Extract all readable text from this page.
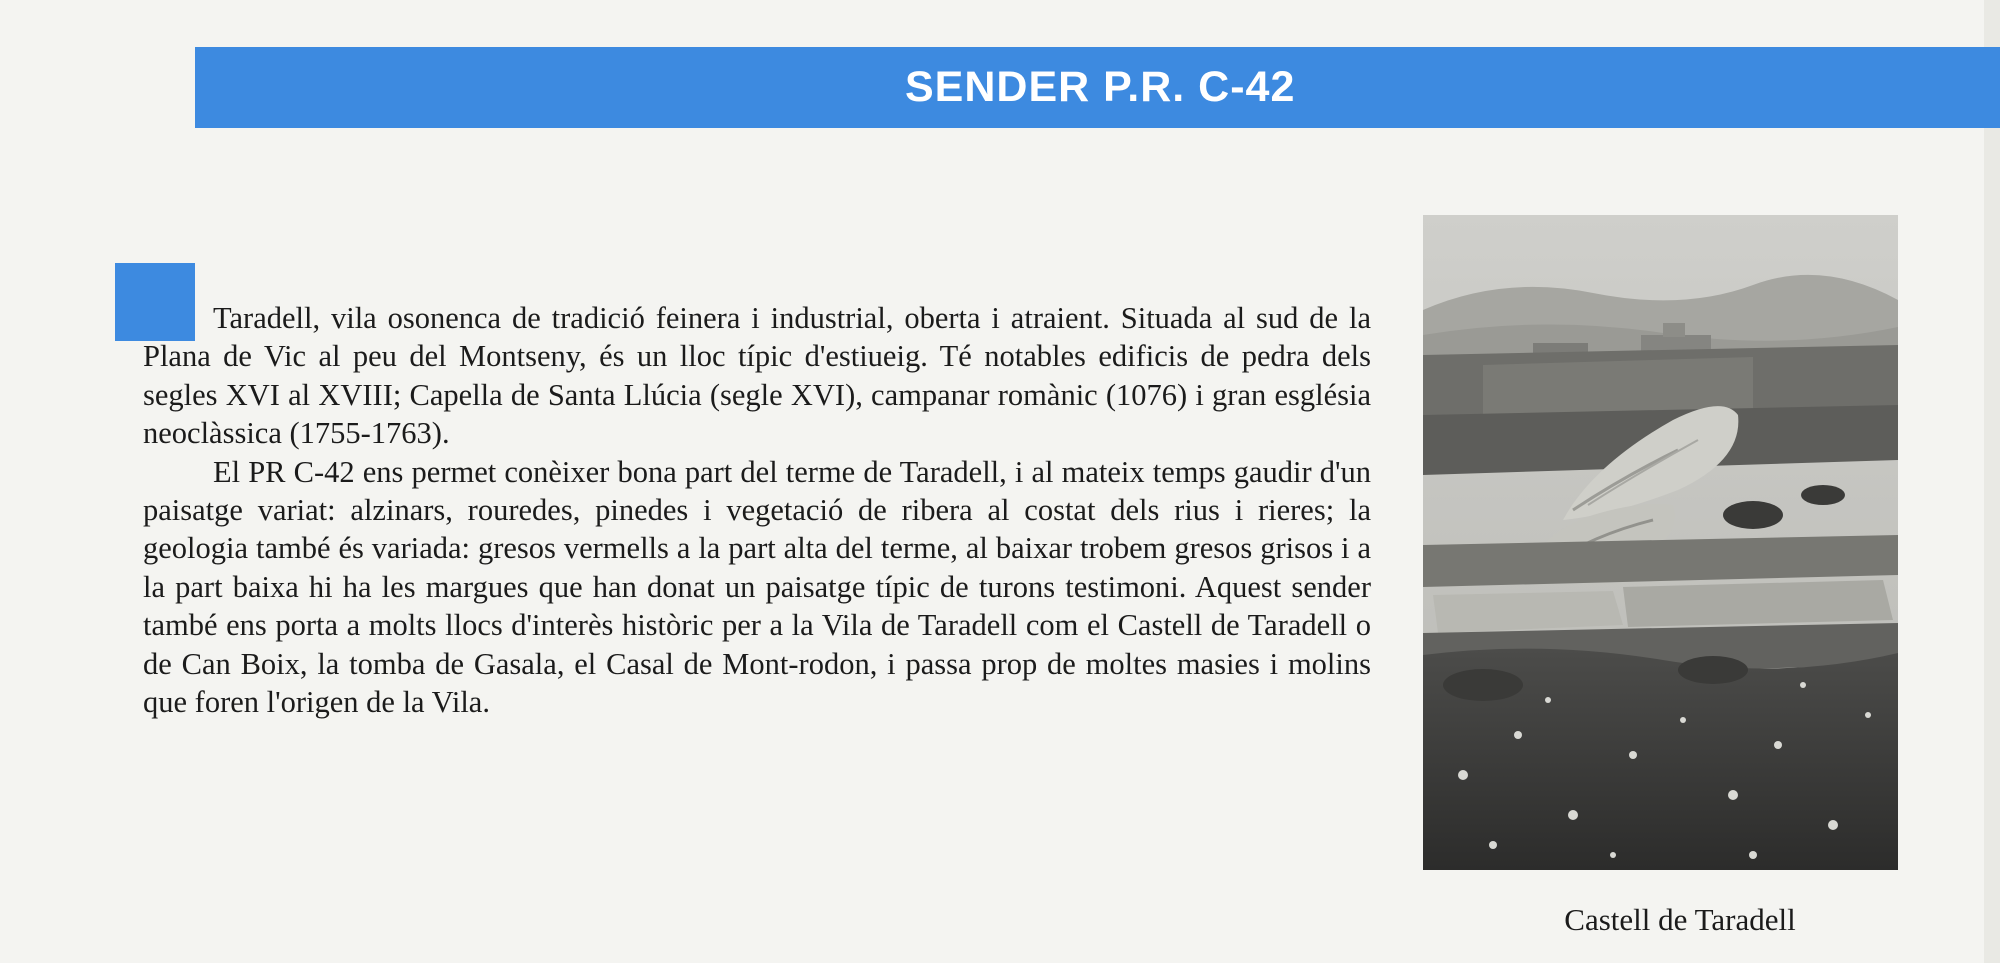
SENDER P.R. C-42

Taradell, vila osonenca de tradició feinera i industrial, oberta i atraient. Situada al sud de la Plana de Vic al peu del Montseny, és un lloc típic d'estiueig. Té notables edificis de pedra dels segles XVI al XVIII; Capella de Santa Llúcia (segle XVI), campanar romànic (1076) i gran església neoclàssica (1755-1763).

El PR C-42 ens permet conèixer bona part del terme de Taradell, i al mateix temps gaudir d'un paisatge variat: alzinars, rouredes, pinedes i vegetació de ribera al costat dels rius i rieres; la geologia també és variada: gresos vermells a la part alta del terme, al baixar trobem gresos grisos i a la part baixa hi ha les margues que han donat un paisatge típic de turons testimoni. Aquest sender també ens porta a molts llocs d'interès històric per a la Vila de Taradell com el Castell de Taradell o de Can Boix, la tomba de Gasala, el Casal de Mont-rodon, i passa prop de moltes masies i molins que foren l'origen de la Vila.

Castell de Taradell
